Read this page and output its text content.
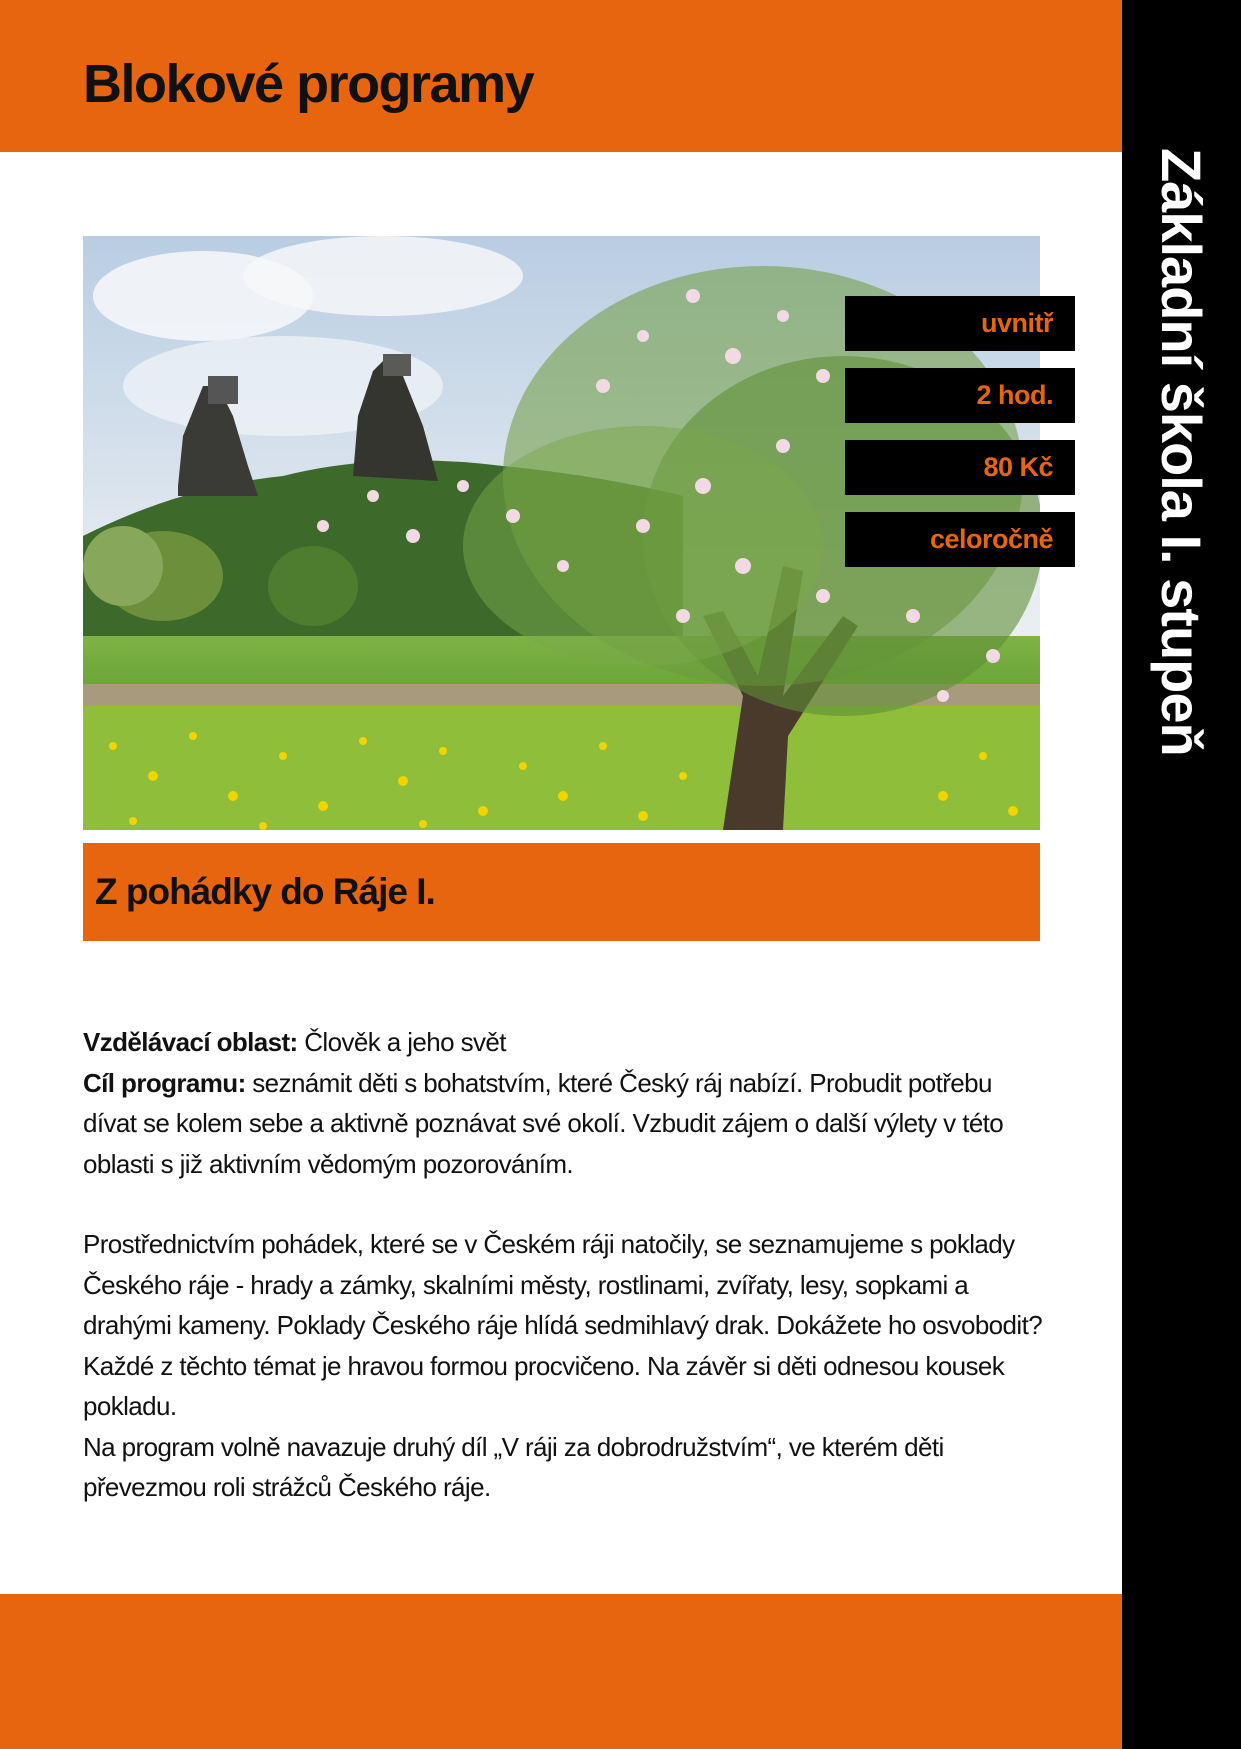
Blokové programy
Základní škola I. stupeň
uvnitř
2 hod.
80 Kč
celoročně
Z pohádky do Ráje I.

Vzdělávací oblast: Člověk a jeho svět

Cíl programu: seznámit děti s bohatstvím, které Český ráj nabízí. Probudit potřebu dívat se kolem sebe a aktivně poznávat své okolí. Vzbudit zájem o další výlety v této oblasti s již aktivním vědomým pozorováním.

Prostřednictvím pohádek, které se v Českém ráji natočily, se seznamujeme s poklady Českého ráje - hrady a zámky, skalními městy, rostlinami, zvířaty, lesy, sopkami a drahými kameny. Poklady Českého ráje hlídá sedmihlavý drak. Dokážete ho osvobodit? Každé z těchto témat je hravou formou procvičeno. Na závěr si děti odnesou kousek pokladu.

Na program volně navazuje druhý díl „V ráji za dobrodružstvím“, ve kterém děti převezmou roli strážců Českého ráje.
